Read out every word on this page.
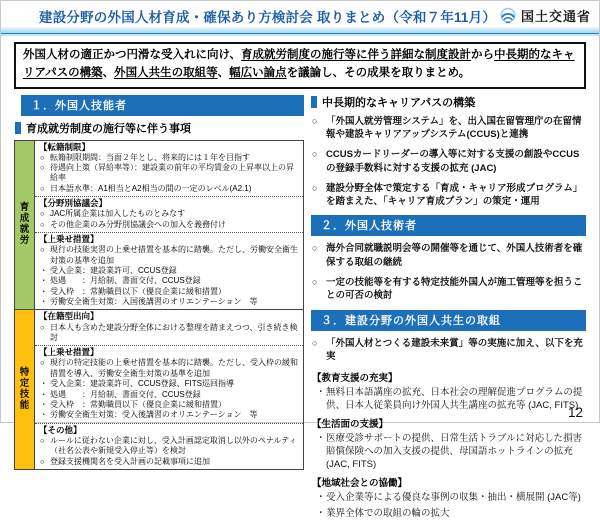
建設分野の外国人材育成・確保あり方検討会 取りまとめ（令和７年11月） 国土交通省
外国人材の適正かつ円滑な受入れに向け、育成就労制度の施行等に伴う詳細な制度設計から中長期的なキャリアパスの構築、外国人共生の取組等、幅広い論点を議論し、その成果を取りまとめ。
１．外国人技能者
育成就労制度の施行等に伴う事項
育
成
就
労
【転籍制限】
○ 転籍制限期間：当面２年とし、将来的には１年を目指す
○ 待遇向上策（昇給率等）：建設業の前年の平均賃金の上昇率以上の昇給率
○ 日本語水準：A1相当とA2相当の間の一定のレベル(A2.1)
【分野別協議会】
○ JAC所属企業は加入したものとみなす
○ その他企業のみ分野別協議会への加入を義務付け
【上乗せ措置】
○ 現行の技能実習の上乗せ措置を基本的に踏襲。ただし、労働安全衛生対策の基準を追加
・ 受入企業：建設業許可、CCUS登録
・ 処遇　　：月給制、書面交付、CCUS登録
・ 受入枠　：常勤職員以下（優良企業に緩和措置）
・ 労働安全衛生対策：入国後講習のオリエンテーション　等
特
定
技
能
【在籍型出向】
○ 日本人も含めた建設分野全体における整理を踏まえつつ、引き続き検討
【上乗せ措置】
○ 現行の特定技能の上乗せ措置を基本的に踏襲。ただし、受入枠の緩和措置を導入、労働安全衛生対策の基準を追加
・ 受入企業：建設業許可、CCUS登録、FITS巡回指導
・ 処遇　　：月給制、書面交付、CCUS登録
・ 受入枠　：常勤職員以下（優良企業に緩和措置）
・ 労働安全衛生対策：受入後講習のオリエンテーション　等
【その他】
○ ルールに従わない企業に対し、受入計画認定取消し以外のペナルティ（社名公表や新規受入停止等）を検討
○ 登録支援機関名を受入計画の記載事項に追加
中長期的なキャリアパスの構築
○ 「外国人就労管理システム」を、出入国在留管理庁の在留情報や建設キャリアアップシステム(CCUS)と連携
○ CCUSカードリーダーの導入等に対する支援の創設やCCUSの登録手数料に対する支援の拡充 (JAC)
○ 建設分野全体で策定する「育成・キャリア形成プログラム」を踏まえた、「キャリア育成プラン」の策定・運用
２．外国人技術者
○ 海外合同就職説明会等の開催等を通じて、外国人技術者を確保する取組の継続
○ 一定の技能等を有する特定技能外国人が施工管理等を担うことの可否の検討
３．建設分野の外国人共生の取組
○ 「外国人材とつくる建設未来賞」等の実施に加え、以下を充実
【教育支援の充実】
・ 無料日本語講座の拡充、日本社会の理解促進プログラムの提供、日本人従業員向け外国人共生講座の拡充等 (JAC, FITS)
【生活面の支援】
・ 医療受診サポートの提供、日常生活トラブルに対応した損害賠償保険への加入支援の提供、母国語ホットラインの拡充 (JAC, FITS)
【地域社会との協働】
・ 受入企業等による優良な事例の収集・抽出・横展開 (JAC等)
・ 業界全体での取組の輪の拡大
12
